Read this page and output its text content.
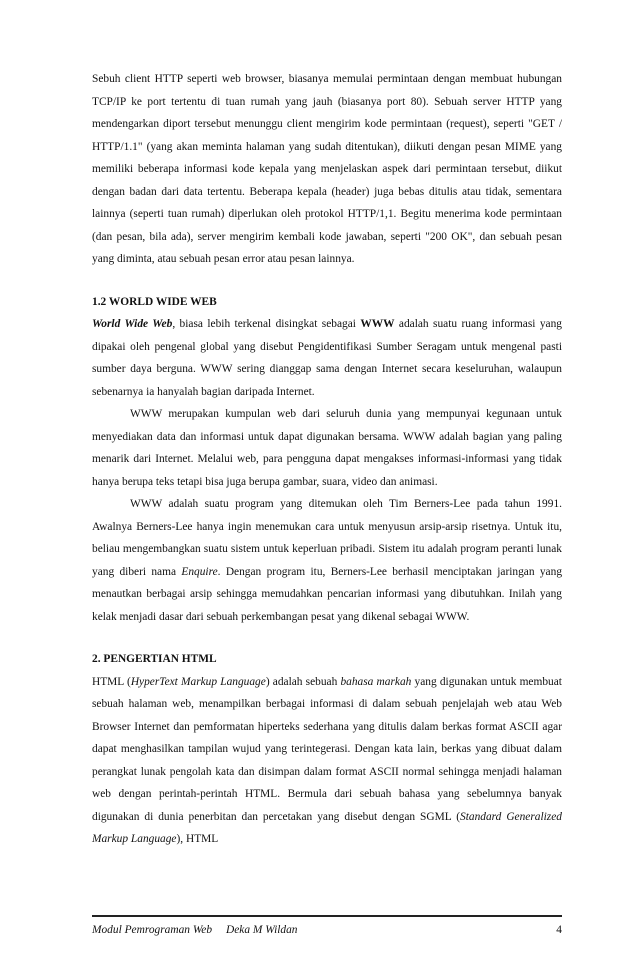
Sebuh client HTTP seperti web browser, biasanya memulai permintaan dengan membuat hubungan TCP/IP ke port tertentu di tuan rumah yang jauh (biasanya port 80). Sebuah server HTTP yang mendengarkan diport tersebut menunggu client mengirim kode permintaan (request), seperti "GET / HTTP/1.1" (yang akan meminta halaman yang sudah ditentukan), diikuti dengan pesan MIME yang memiliki beberapa informasi kode kepala yang menjelaskan aspek dari permintaan tersebut, diikut dengan badan dari data tertentu. Beberapa kepala (header) juga bebas ditulis atau tidak, sementara lainnya (seperti tuan rumah) diperlukan oleh protokol HTTP/1,1. Begitu menerima kode permintaan (dan pesan, bila ada), server mengirim kembali kode jawaban, seperti "200 OK", dan sebuah pesan yang diminta, atau sebuah pesan error atau pesan lainnya.

1.2 WORLD WIDE WEB

World Wide Web, biasa lebih terkenal disingkat sebagai WWW adalah suatu ruang informasi yang dipakai oleh pengenal global yang disebut Pengidentifikasi Sumber Seragam untuk mengenal pasti sumber daya berguna. WWW sering dianggap sama dengan Internet secara keseluruhan, walaupun sebenarnya ia hanyalah bagian daripada Internet.

WWW merupakan kumpulan web dari seluruh dunia yang mempunyai kegunaan untuk menyediakan data dan informasi untuk dapat digunakan bersama. WWW adalah bagian yang paling menarik dari Internet. Melalui web, para pengguna dapat mengakses informasi-informasi yang tidak hanya berupa teks tetapi bisa juga berupa gambar, suara, video dan animasi.

WWW adalah suatu program yang ditemukan oleh Tim Berners-Lee pada tahun 1991. Awalnya Berners-Lee hanya ingin menemukan cara untuk menyusun arsip-arsip risetnya. Untuk itu, beliau mengembangkan suatu sistem untuk keperluan pribadi. Sistem itu adalah program peranti lunak yang diberi nama Enquire. Dengan program itu, Berners-Lee berhasil menciptakan jaringan yang menautkan berbagai arsip sehingga memudahkan pencarian informasi yang dibutuhkan. Inilah yang kelak menjadi dasar dari sebuah perkembangan pesat yang dikenal sebagai WWW.

2. PENGERTIAN HTML

HTML (HyperText Markup Language) adalah sebuah bahasa markah yang digunakan untuk membuat sebuah halaman web, menampilkan berbagai informasi di dalam sebuah penjelajah web atau Web Browser Internet dan pemformatan hiperteks sederhana yang ditulis dalam berkas format ASCII agar dapat menghasilkan tampilan wujud yang terintegerasi. Dengan kata lain, berkas yang dibuat dalam perangkat lunak pengolah kata dan disimpan dalam format ASCII normal sehingga menjadi halaman web dengan perintah-perintah HTML. Bermula dari sebuah bahasa yang sebelumnya banyak digunakan di dunia penerbitan dan percetakan yang disebut dengan SGML (Standard Generalized Markup Language), HTML

Modul Pemrograman Web Deka M Wildan	4
